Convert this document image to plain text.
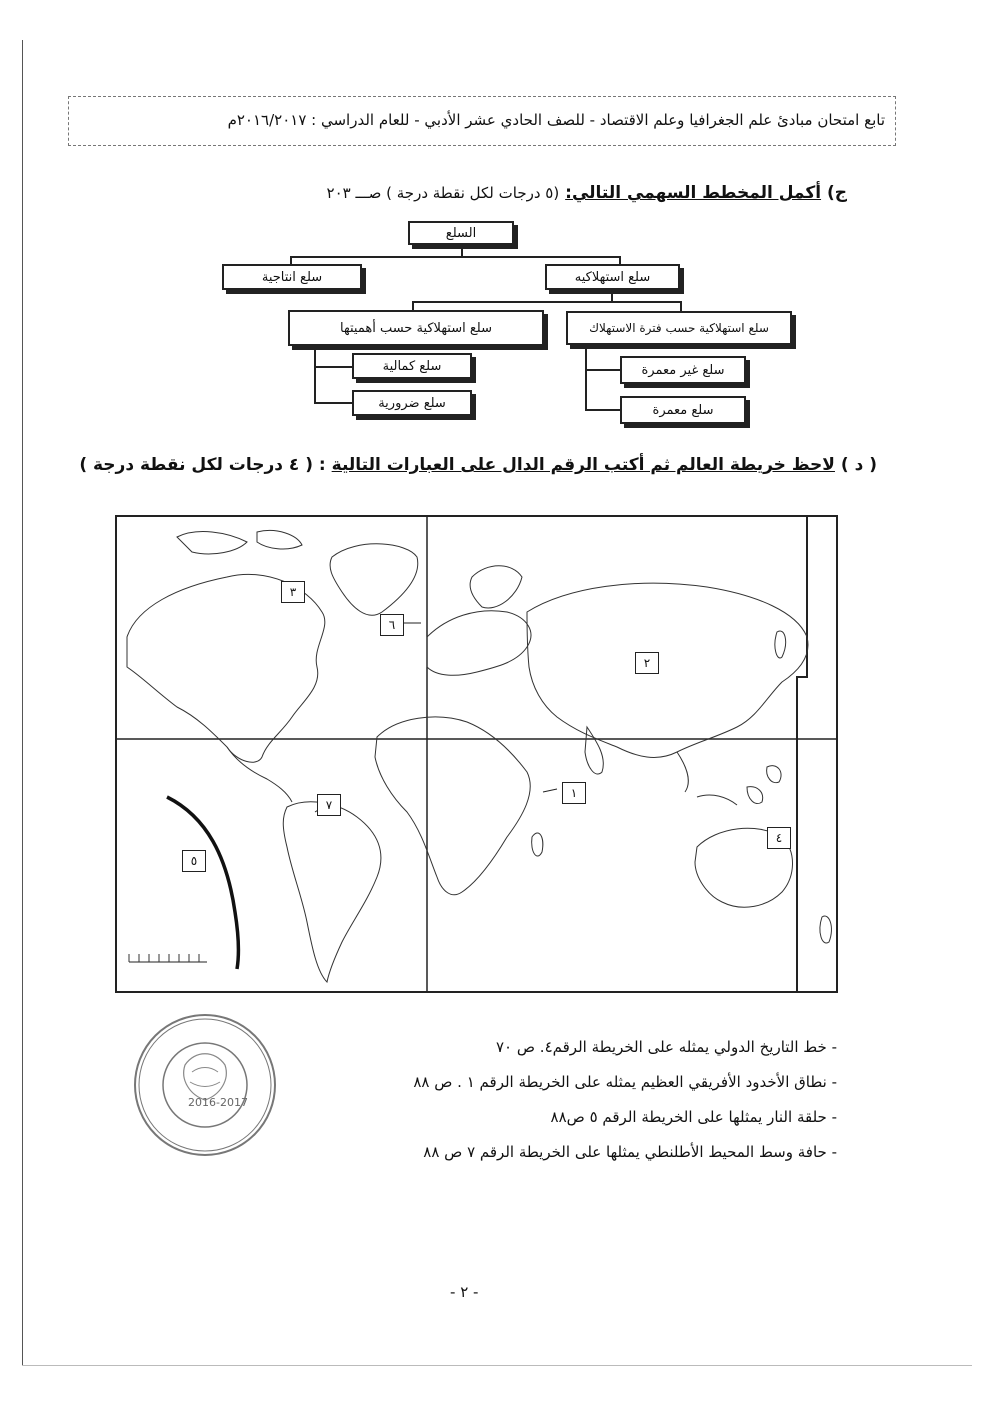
تابع امتحان مبادئ علم الجغرافيا وعلم الاقتصاد - للصف الحادي عشر الأدبي - للعام الدراسي : ٢٠١٦/٢٠١٧م
ج) أكمل المخطط السهمي التالي: (٥ درجات لكل نقطة درجة ) صـــ ٢٠٣
السلع
سلع انتاجية	سلع استهلاكيه
سلع استهلاكية حسب أهميتها	سلع استهلاكية حسب فترة الاستهلاك
سلع كمالية
سلع ضرورية
سلع غير معمرة
سلع معمرة
( د ) لاحظ خريطة العالم ثم أكتب الرقم الدال على العبارات التالية : ( ٤ درجات لكل نقطة درجة )
٣
٦
٢
١
٧
٥
٤
- خط التاريخ الدولي يمثله على الخريطة الرقم٤. ص ٧٠
- نطاق الأخدود الأفريقي العظيم يمثله على الخريطة الرقم ١ . ص ٨٨
- حلقة النار يمثلها على الخريطة الرقم ٥ ص٨٨
- حافة وسط المحيط الأطلنطي يمثلها على الخريطة الرقم ٧ ص ٨٨
2016-2017
- ٢ -
